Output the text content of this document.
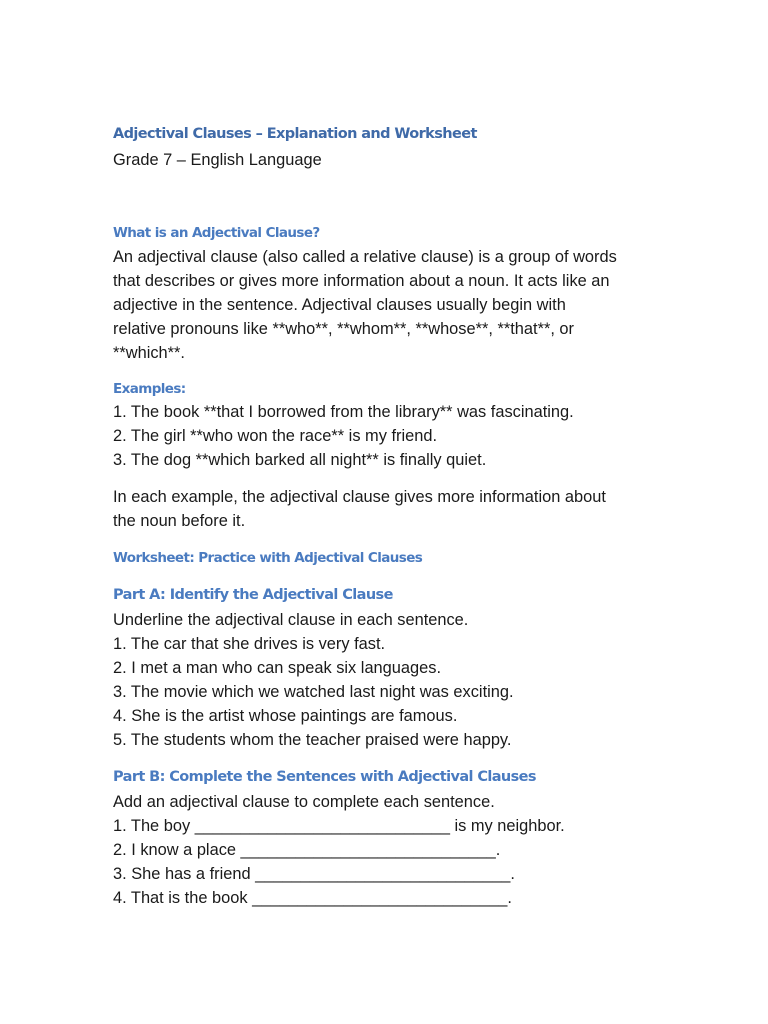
Adjectival Clauses – Explanation and Worksheet

Grade 7 – English Language

What is an Adjectival Clause?
An adjectival clause (also called a relative clause) is a group of words
that describes or gives more information about a noun. It acts like an
adjective in the sentence. Adjectival clauses usually begin with
relative pronouns like **who**, **whom**, **whose**, **that**, or
**which**.
Examples:
1. The book **that I borrowed from the library** was fascinating.
2. The girl **who won the race** is my friend.
3. The dog **which barked all night** is finally quiet.
In each example, the adjectival clause gives more information about
the noun before it.
Worksheet: Practice with Adjectival Clauses
Part A: Identify the Adjectival Clause
Underline the adjectival clause in each sentence.
1. The car that she drives is very fast.
2. I met a man who can speak six languages.
3. The movie which we watched last night was exciting.
4. She is the artist whose paintings are famous.
5. The students whom the teacher praised were happy.
Part B: Complete the Sentences with Adjectival Clauses
Add an adjectival clause to complete each sentence.
1. The boy ____________________________ is my neighbor.
2. I know a place ____________________________.
3. She has a friend ____________________________.
4. That is the book ____________________________.
